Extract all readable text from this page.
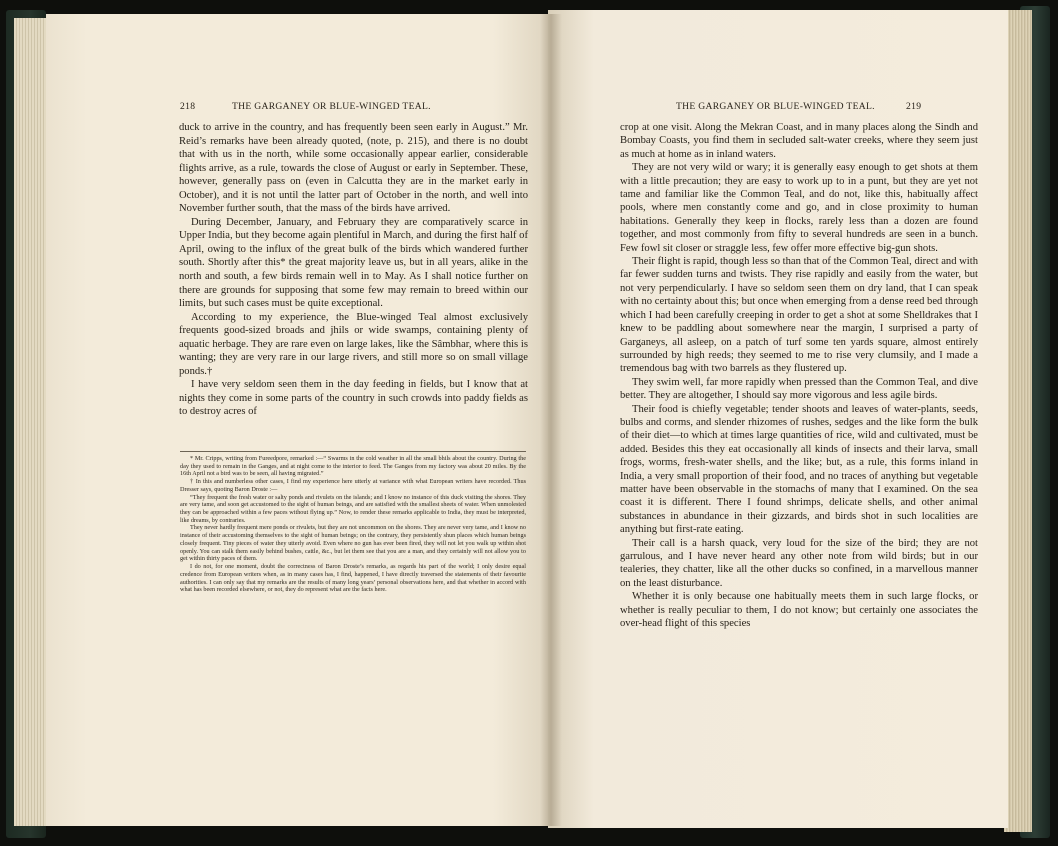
218	THE GARGANEY OR BLUE-WINGED TEAL.

duck to arrive in the country, and has frequently been seen early in August.” Mr. Reid’s remarks have been already quoted, (note, p. 215), and there is no doubt that with us in the north, while some occasionally appear earlier, considerable flights arrive, as a rule, towards the close of August or early in September. These, however, generally pass on (even in Calcutta they are in the market early in October), and it is not until the latter part of October in the north, and well into November further south, that the mass of the birds have arrived.

During December, January, and February they are comparatively scarce in Upper India, but they become again plentiful in March, and during the first half of April, owing to the influx of the great bulk of the birds which wandered further south. Shortly after this* the great majority leave us, but in all years, alike in the north and south, a few birds remain well in to May. As I shall notice further on there are grounds for supposing that some few may remain to breed within our limits, but such cases must be quite exceptional.

According to my experience, the Blue-winged Teal almost exclusively frequents good-sized broads and jhils or wide swamps, containing plenty of aquatic herbage. They are rare even on large lakes, like the Sâmbhar, where this is wanting; they are very rare in our large rivers, and still more so on small village ponds.†

I have very seldom seen them in the day feeding in fields, but I know that at nights they come in some parts of the country in such crowds into paddy fields as to destroy acres of

* Mr. Cripps, writing from Fureedpore, remarked :—“ Swarms in the cold weather in all the small bhils about the country. During the day they used to remain in the Ganges, and at night come to the interior to feed. The Ganges from my factory was about 20 miles. By the 16th April not a bird was to be seen, all having migrated.”

† In this and numberless other cases, I find my experience here utterly at variance with what European writers have recorded. Thus Dresser says, quoting Baron Droste :—

“They frequent the fresh water or salty ponds and rivulets on the islands; and I know no instance of this duck visiting the shores. They are very tame, and soon get accustomed to the sight of human beings, and are satisfied with the smallest sheets of water. When unmolested they can be approached within a few paces without flying up.” Now, to render these remarks applicable to India, they must be interpreted, like dreams, by contraries.

They never hardly frequent mere ponds or rivulets, but they are not uncommon on the shores. They are never very tame, and I know no instance of their accustoming themselves to the sight of human beings; on the contrary, they persistently shun places which human beings closely frequent. Tiny pieces of water they utterly avoid. Even where no gun has ever been fired, they will not let you walk up within shot openly. You can stalk them easily behind bushes, cattle, &c., but let them see that you are a man, and they certainly will not allow you to get within thirty paces of them.

I do not, for one moment, doubt the correctness of Baron Droste’s remarks, as regards his part of the world; I only desire equal credence from European writers when, as in many cases has, I find, happened, I have directly traversed the statements of their favourite authorities. I can only say that my remarks are the results of many long years’ personal observations here, and that whether in accord with what has been recorded elsewhere, or not, they do represent what are the facts here.

THE GARGANEY OR BLUE-WINGED TEAL.	219

crop at one visit. Along the Mekran Coast, and in many places along the Sindh and Bombay Coasts, you find them in secluded salt-water creeks, where they seem just as much at home as in inland waters.

They are not very wild or wary; it is generally easy enough to get shots at them with a little precaution; they are easy to work up to in a punt, but they are yet not tame and familiar like the Common Teal, and do not, like this, habitually affect pools, where men constantly come and go, and in close proximity to human habitations. Generally they keep in flocks, rarely less than a dozen are found together, and most commonly from fifty to several hundreds are seen in a bunch. Few fowl sit closer or straggle less, few offer more effective big-gun shots.

Their flight is rapid, though less so than that of the Common Teal, direct and with far fewer sudden turns and twists. They rise rapidly and easily from the water, but not very perpendicularly. I have so seldom seen them on dry land, that I can speak with no certainty about this; but once when emerging from a dense reed bed through which I had been carefully creeping in order to get a shot at some Shelldrakes that I knew to be paddling about somewhere near the margin, I surprised a party of Garganeys, all asleep, on a patch of turf some ten yards square, almost entirely surrounded by high reeds; they seemed to me to rise very clumsily, and I made a tremendous bag with two barrels as they flustered up.

They swim well, far more rapidly when pressed than the Common Teal, and dive better. They are altogether, I should say more vigorous and less agile birds.

Their food is chiefly vegetable; tender shoots and leaves of water-plants, seeds, bulbs and corms, and slender rhizomes of rushes, sedges and the like form the bulk of their diet—to which at times large quantities of rice, wild and cultivated, must be added. Besides this they eat occasionally all kinds of insects and their larva, small frogs, worms, fresh-water shells, and the like; but, as a rule, this forms inland in India, a very small proportion of their food, and no traces of anything but vegetable matter have been observable in the stomachs of many that I examined. On the sea coast it is different. There I found shrimps, delicate shells, and other animal substances in abundance in their gizzards, and birds shot in such localities are anything but first-rate eating.

Their call is a harsh quack, very loud for the size of the bird; they are not garrulous, and I have never heard any other note from wild birds; but in our tealeries, they chatter, like all the other ducks so confined, in a marvellous manner on the least disturbance.

Whether it is only because one habitually meets them in such large flocks, or whether is really peculiar to them, I do not know; but certainly one associates the over-head flight of this species
